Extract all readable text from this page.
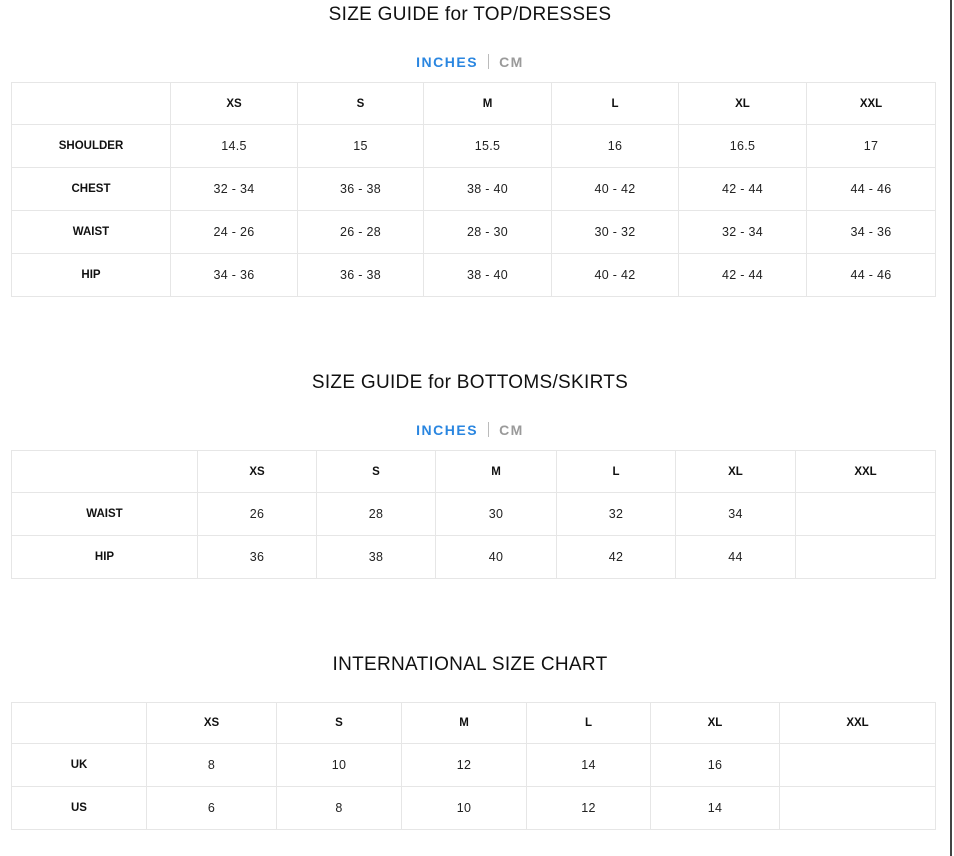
SIZE GUIDE for TOP/DRESSES
INCHES CM
	XS	S	M	L	XL	XXL
SHOULDER	14.5	15	15.5	16	16.5	17
CHEST	32 - 34	36 - 38	38 - 40	40 - 42	42 - 44	44 - 46
WAIST	24 - 26	26 - 28	28 - 30	30 - 32	32 - 34	34 - 36
HIP	34 - 36	36 - 38	38 - 40	40 - 42	42 - 44	44 - 46
SIZE GUIDE for BOTTOMS/SKIRTS
INCHES CM
	XS	S	M	L	XL	XXL
WAIST	26	28	30	32	34	
HIP	36	38	40	42	44	
INTERNATIONAL SIZE CHART
	XS	S	M	L	XL	XXL
UK	8	10	12	14	16	
US	6	8	10	12	14	
